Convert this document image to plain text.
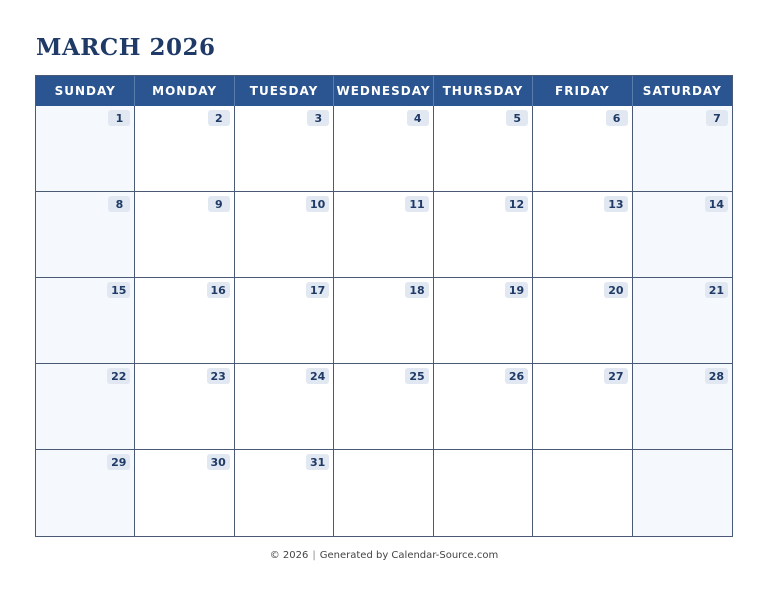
MARCH 2026
SUNDAY	MONDAY	TUESDAY	WEDNESDAY	THURSDAY	FRIDAY	SATURDAY
1	2	3	4	5	6	7
8	9	10	11	12	13	14
15	16	17	18	19	20	21
22	23	24	25	26	27	28
29	30	31
© 2026 | Generated by Calendar-Source.com
